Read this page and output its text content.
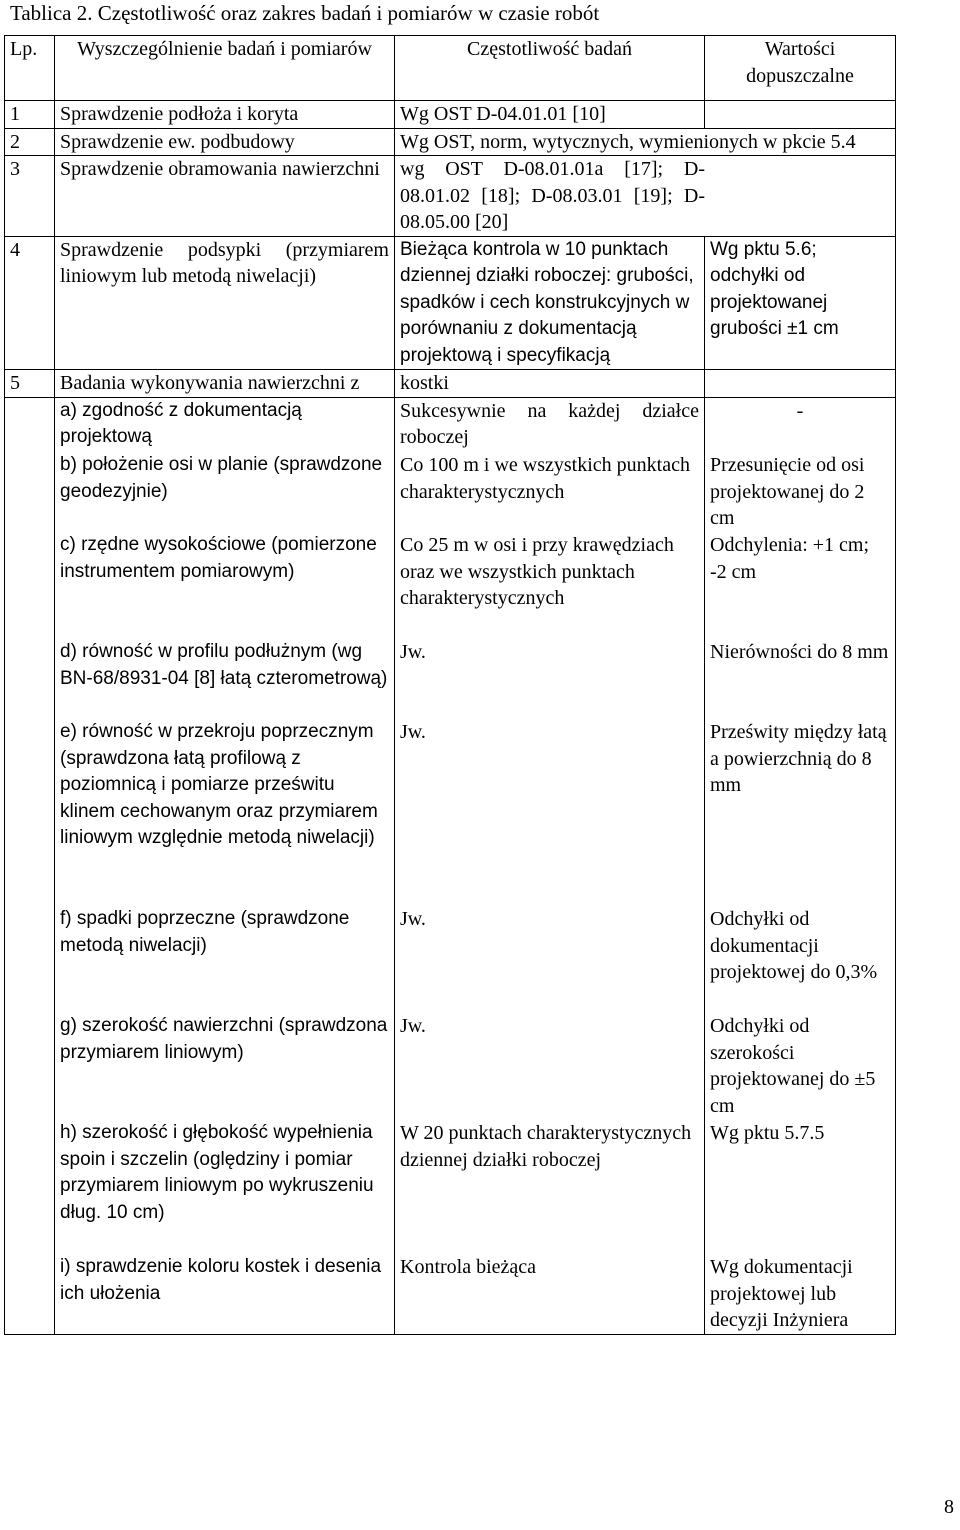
Tablica 2. Częstotliwość oraz zakres badań i pomiarów w czasie robót
Lp.	Wyszczególnienie badań i pomiarów	Częstotliwość badań	Wartości dopuszczalne
1	Sprawdzenie podłoża i koryta	Wg OST D-04.01.01 [10]	
2	Sprawdzenie ew. podbudowy	Wg OST, norm, wytycznych, wymienionych w pkcie 5.4	
3	Sprawdzenie obramowania nawierzchni	wg OST D-08.01.01a [17]; D-08.01.02 [18]; D-08.03.01 [19]; D-08.05.00 [20]	
4	Sprawdzenie podsypki (przymiarem liniowym lub metodą niwelacji)	Bieżąca kontrola w 10 punktach dziennej działki roboczej: grubości, spadków i cech konstrukcyjnych w porównaniu z dokumentacją projektową i specyfikacją	Wg pktu 5.6; odchyłki od projektowanej grubości ±1 cm
5	Badania wykonywania nawierzchni z	kostki	
	a) zgodność z dokumentacją projektową	Sukcesywnie na każdej działce roboczej	-
	b) położenie osi w planie (sprawdzone geodezyjnie)	Co 100 m i we wszystkich punktach charakterystycznych	Przesunięcie od osi projektowanej do 2 cm
	c) rzędne wysokościowe (pomierzone instrumentem pomiarowym)	Co 25 m w osi i przy krawędziach oraz we wszystkich punktach charakterystycznych	Odchylenia: +1 cm; -2 cm
	d) równość w profilu podłużnym (wg BN-68/8931-04 [8] łatą czterometrową)	Jw.	Nierówności do 8 mm
	e) równość w przekroju poprzecznym (sprawdzona łatą profilową z poziomnicą i pomiarze prześwitu klinem cechowanym oraz przymiarem liniowym względnie metodą niwelacji)	Jw.	Prześwity między łatą a powierzchnią do 8 mm
	f) spadki poprzeczne (sprawdzone metodą niwelacji)	Jw.	Odchyłki od dokumentacji projektowej do 0,3%
	g) szerokość nawierzchni (sprawdzona przymiarem liniowym)	Jw.	Odchyłki od szerokości projektowanej do ±5 cm
	h) szerokość i głębokość wypełnienia spoin i szczelin (oględziny i pomiar przymiarem liniowym po wykruszeniu dług. 10 cm)	W 20 punktach charakterystycznych dziennej działki roboczej	Wg pktu 5.7.5
	i) sprawdzenie koloru kostek i desenia ich ułożenia	Kontrola bieżąca	Wg dokumentacji projektowej lub decyzji Inżyniera
8
